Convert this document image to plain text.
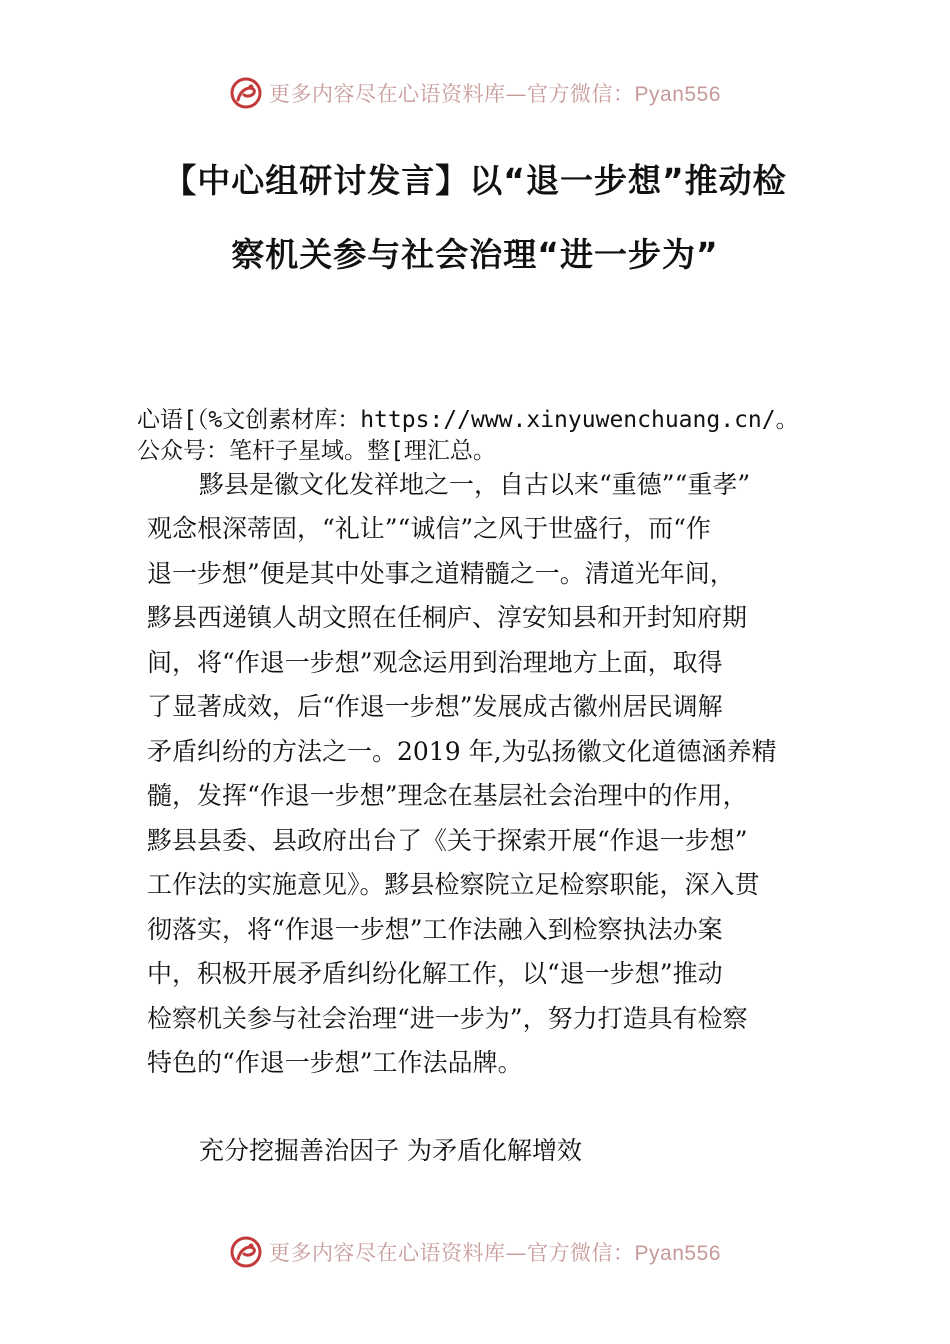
更多内容尽在心语资料库—官方微信：Pyan556
【中心组研讨发言】以“退一步想”推动检
察机关参与社会治理“进一步为”
心语[（%文创素材库：https://www.xinyuwenchuang.cn/。
公众号：笔杆子星域。整[理汇总。
黟县是徽文化发祥地之一，自古以来“重德”“重孝”
观念根深蒂固，“礼让”“诚信”之风于世盛行，而“作
退一步想”便是其中处事之道精髓之一。清道光年间，
黟县西递镇人胡文照在任桐庐、淳安知县和开封知府期
间，将“作退一步想”观念运用到治理地方上面，取得
了显著成效，后“作退一步想”发展成古徽州居民调解
矛盾纠纷的方法之一。2019 年,为弘扬徽文化道德涵养精
髓，发挥“作退一步想”理念在基层社会治理中的作用，
黟县县委、县政府出台了《关于探索开展“作退一步想”
工作法的实施意见》。黟县检察院立足检察职能，深入贯
彻落实，将“作退一步想”工作法融入到检察执法办案
中，积极开展矛盾纠纷化解工作，以“退一步想”推动
检察机关参与社会治理“进一步为”，努力打造具有检察
特色的“作退一步想”工作法品牌。
充分挖掘善治因子 为矛盾化解增效
更多内容尽在心语资料库—官方微信：Pyan556
